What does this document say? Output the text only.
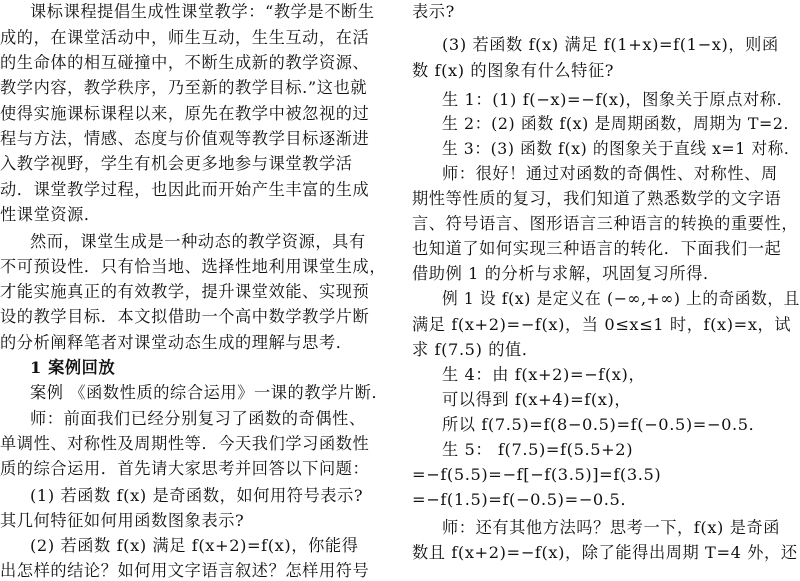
课标课程提倡生成性课堂教学：“教学是不断生
成的，在课堂活动中，师生互动，生生互动，在活
的生命体的相互碰撞中，不断生成新的教学资源、
教学内容，教学秩序，乃至新的教学目标.”这也就
使得实施课标课程以来，原先在教学中被忽视的过
程与方法，情感、态度与价值观等教学目标逐渐进
入教学视野，学生有机会更多地参与课堂教学活
动．课堂教学过程，也因此而开始产生丰富的生成
性课堂资源．
然而，课堂生成是一种动态的教学资源，具有
不可预设性．只有恰当地、选择性地利用课堂生成，
才能实施真正的有效教学，提升课堂效能、实现预
设的教学目标．本文拟借助一个高中数学教学片断
的分析阐释笔者对课堂动态生成的理解与思考．
1 案例回放
案例 《函数性质的综合运用》一课的教学片断．
师：前面我们已经分别复习了函数的奇偶性、
单调性、对称性及周期性等．今天我们学习函数性
质的综合运用．首先请大家思考并回答以下问题：
(1) 若函数 f(x) 是奇函数，如何用符号表示?
其几何特征如何用函数图象表示?
(2) 若函数 f(x) 满足 f(x+2)=f(x)，你能得
出怎样的结论？如何用文字语言叙述？怎样用符号
表示?
(3) 若函数 f(x) 满足 f(1+x)=f(1−x)，则函
数 f(x) 的图象有什么特征?
生 1：(1) f(−x)=−f(x)，图象关于原点对称．
生 2：(2) 函数 f(x) 是周期函数，周期为 T=2．
生 3：(3) 函数 f(x) 的图象关于直线 x=1 对称．
师：很好！通过对函数的奇偶性、对称性、周
期性等性质的复习，我们知道了熟悉数学的文字语
言、符号语言、图形语言三种语言的转换的重要性，
也知道了如何实现三种语言的转化．下面我们一起
借助例 1 的分析与求解，巩固复习所得．
例 1 设 f(x) 是定义在 (−∞,+∞) 上的奇函数，且
满足 f(x+2)=−f(x)，当 0≤x≤1 时，f(x)=x，试
求 f(7.5) 的值．
生 4：由 f(x+2)=−f(x)，
可以得到 f(x+4)=f(x)，
所以 f(7.5)=f(8−0.5)=f(−0.5)=−0.5．
生 5： f(7.5)=f(5.5+2)
=−f(5.5)=−f[−f(3.5)]=f(3.5)
=−f(1.5)=f(−0.5)=−0.5．
师：还有其他方法吗？思考一下，f(x) 是奇函
数且 f(x+2)=−f(x)，除了能得出周期 T=4 外，还
